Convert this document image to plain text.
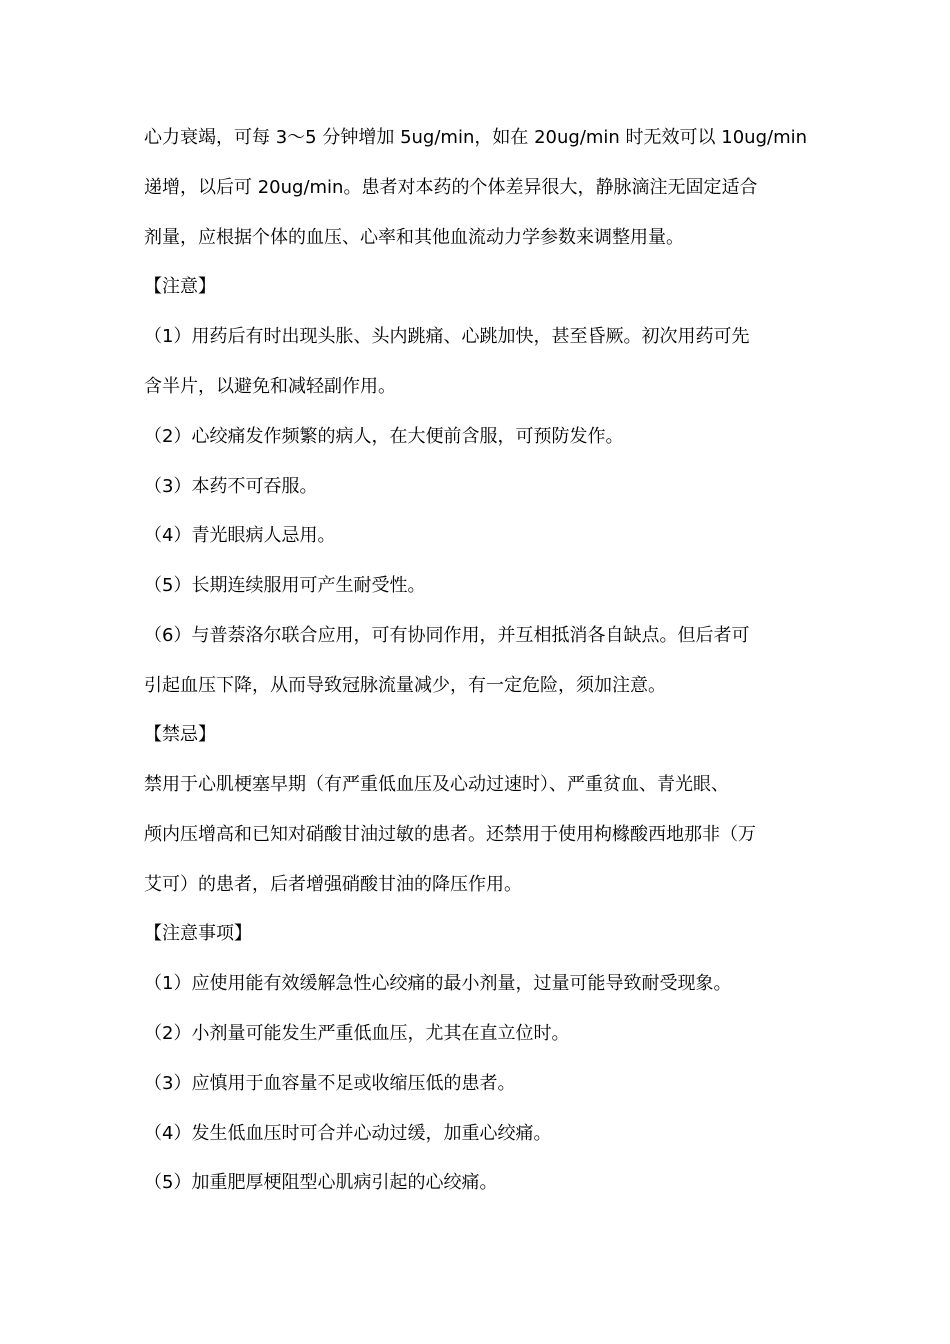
心力衰竭，可每 3～5 分钟增加 5ug/min，如在 20ug/min 时无效可以 10ug/min
递增，以后可 20ug/min。患者对本药的个体差异很大，静脉滴注无固定适合
剂量，应根据个体的血压、心率和其他血流动力学参数来调整用量。
【注意】
（1）用药后有时出现头胀、头内跳痛、心跳加快，甚至昏厥。初次用药可先
含半片，以避免和减轻副作用。
（2）心绞痛发作频繁的病人，在大便前含服，可预防发作。
（3）本药不可吞服。
（4）青光眼病人忌用。
（5）长期连续服用可产生耐受性。
（6）与普萘洛尔联合应用，可有协同作用，并互相抵消各自缺点。但后者可
引起血压下降，从而导致冠脉流量减少，有一定危险，须加注意。
【禁忌】
禁用于心肌梗塞早期（有严重低血压及心动过速时）、严重贫血、青光眼、
颅内压增高和已知对硝酸甘油过敏的患者。还禁用于使用枸橼酸西地那非（万
艾可）的患者，后者增强硝酸甘油的降压作用。
【注意事项】
（1）应使用能有效缓解急性心绞痛的最小剂量，过量可能导致耐受现象。
（2）小剂量可能发生严重低血压，尤其在直立位时。
（3）应慎用于血容量不足或收缩压低的患者。
（4）发生低血压时可合并心动过缓，加重心绞痛。
（5）加重肥厚梗阻型心肌病引起的心绞痛。
